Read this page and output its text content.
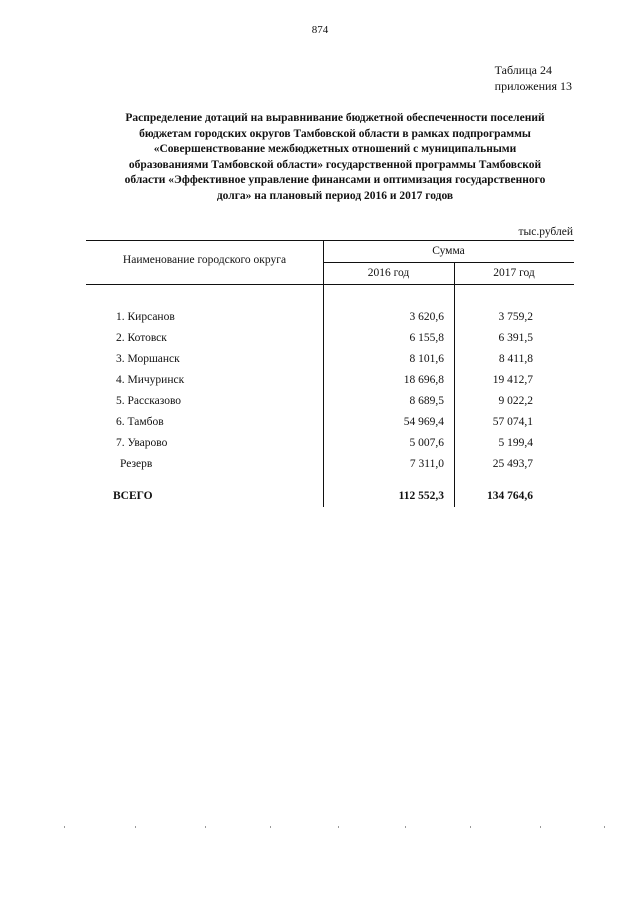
874
Таблица 24
приложения 13
Распределение дотаций на выравнивание бюджетной обеспеченности поселений
бюджетам городских округов Тамбовской области в рамках подпрограммы
«Совершенствование межбюджетных отношений с муниципальными
образованиями Тамбовской области» государственной программы Тамбовской
области «Эффективное управление финансами и оптимизация государственного
долга» на плановый период 2016 и 2017 годов
тыс.рублей
Наименование городского округа
Сумма
2016 год	2017 год
1. Кирсанов	3 620,6	3 759,2
2. Котовск	6 155,8	6 391,5
3. Моршанск	8 101,6	8 411,8
4. Мичуринск	18 696,8	19 412,7
5. Рассказово	8 689,5	9 022,2
6. Тамбов	54 969,4	57 074,1
7. Уварово	5 007,6	5 199,4
Резерв	7 311,0	25 493,7
ВСЕГО	112 552,3	134 764,6
